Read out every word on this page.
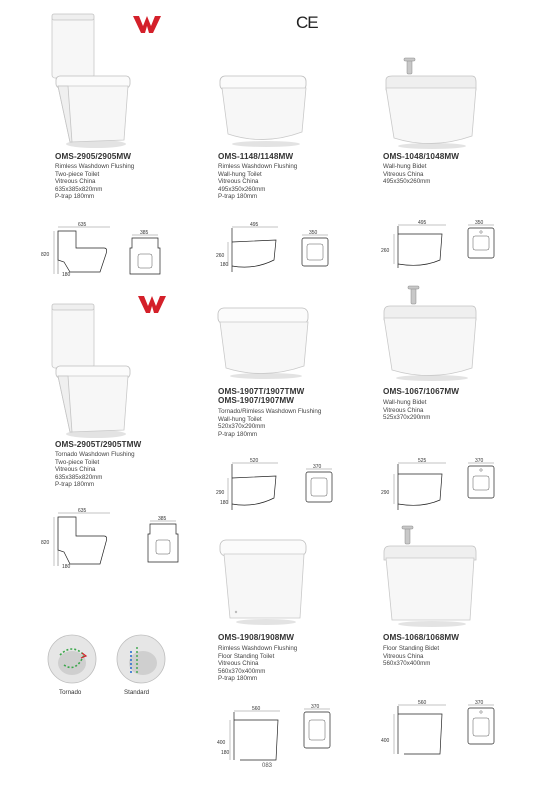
CE
OMS-2905/2905MW
Rimless Washdown Flushing
Two-piece Toilet
Vitreous China
635x385x820mm
P-trap 180mm
OMS-1148/1148MW
Rimless Washdown Flushing
Wall-hung Toilet
Vitreous China
495x350x260mm
P-trap 180mm
OMS-1048/1048MW
Wall-hung Bidet
Vitreous China
495x350x260mm
635
820
180
385
495
260
180
350
495
260
350
OMS-2905T/2905TMW
Tornado Washdown Flushing
Two-piece Toilet
Vitreous China
635x385x820mm
P-trap 180mm
OMS-1907T/1907TMW
OMS-1907/1907MW
Tornado/Rimless Washdown Flushing
Wall-hung Toilet
520x370x290mm
P-trap 180mm
OMS-1067/1067MW
Wall-hung Bidet
Vitreous China
525x370x290mm
635
820
180
385
520
290
180
370
525
290
370
Tornado	Standard
OMS-1908/1908MW
Rimless Washdown Flushing
Floor Standing Toilet
Vitreous China
560x370x400mm
P-trap 180mm
OMS-1068/1068MW
Floor Standing Bidet
Vitreous China
560x370x400mm
560
400
180
370
560
400
370
083
